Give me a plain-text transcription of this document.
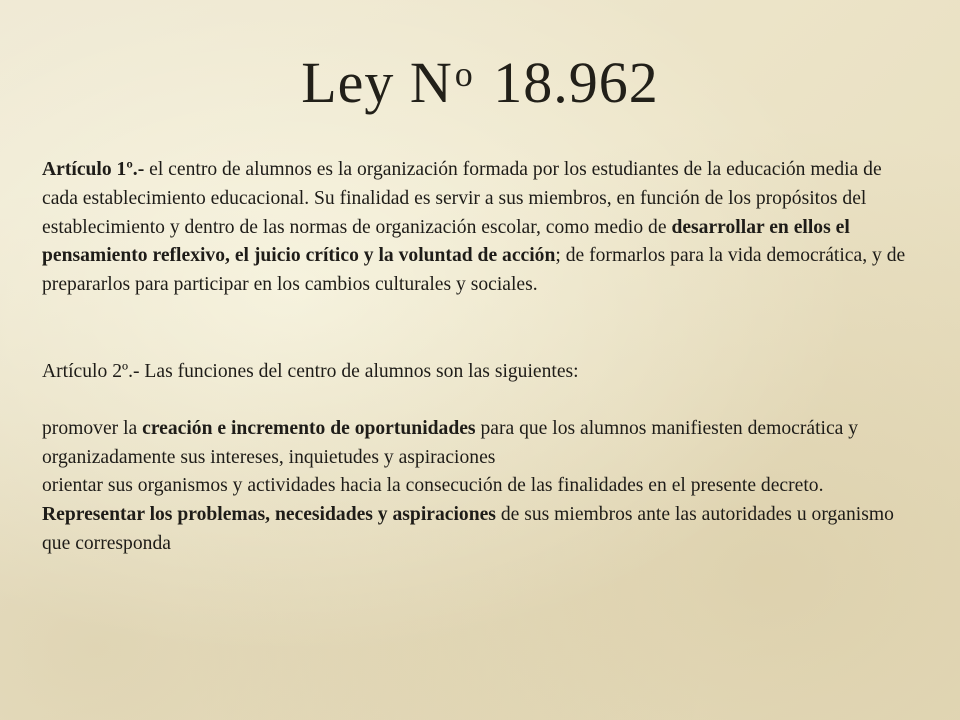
Ley $N^o$ 18.962

Artículo 1º.- el centro de alumnos es la organización formada por los estudiantes de la educación media de cada establecimiento educacional. Su finalidad es servir a sus miembros, en función de los propósitos del establecimiento y dentro de las normas de organización escolar, como medio de desarrollar en ellos el pensamiento reflexivo, el juicio crítico y la voluntad de acción; de formarlos para la vida democrática, y de prepararlos para participar en los cambios culturales y sociales.

Artículo 2º.- Las funciones del centro de alumnos son las siguientes:

promover la creación e incremento de oportunidades para que los alumnos manifiesten democrática y organizadamente sus intereses, inquietudes y aspiraciones

orientar sus organismos y actividades hacia la consecución de las finalidades en el presente decreto.

Representar los problemas, necesidades y aspiraciones de sus miembros ante las autoridades u organismo que corresponda
